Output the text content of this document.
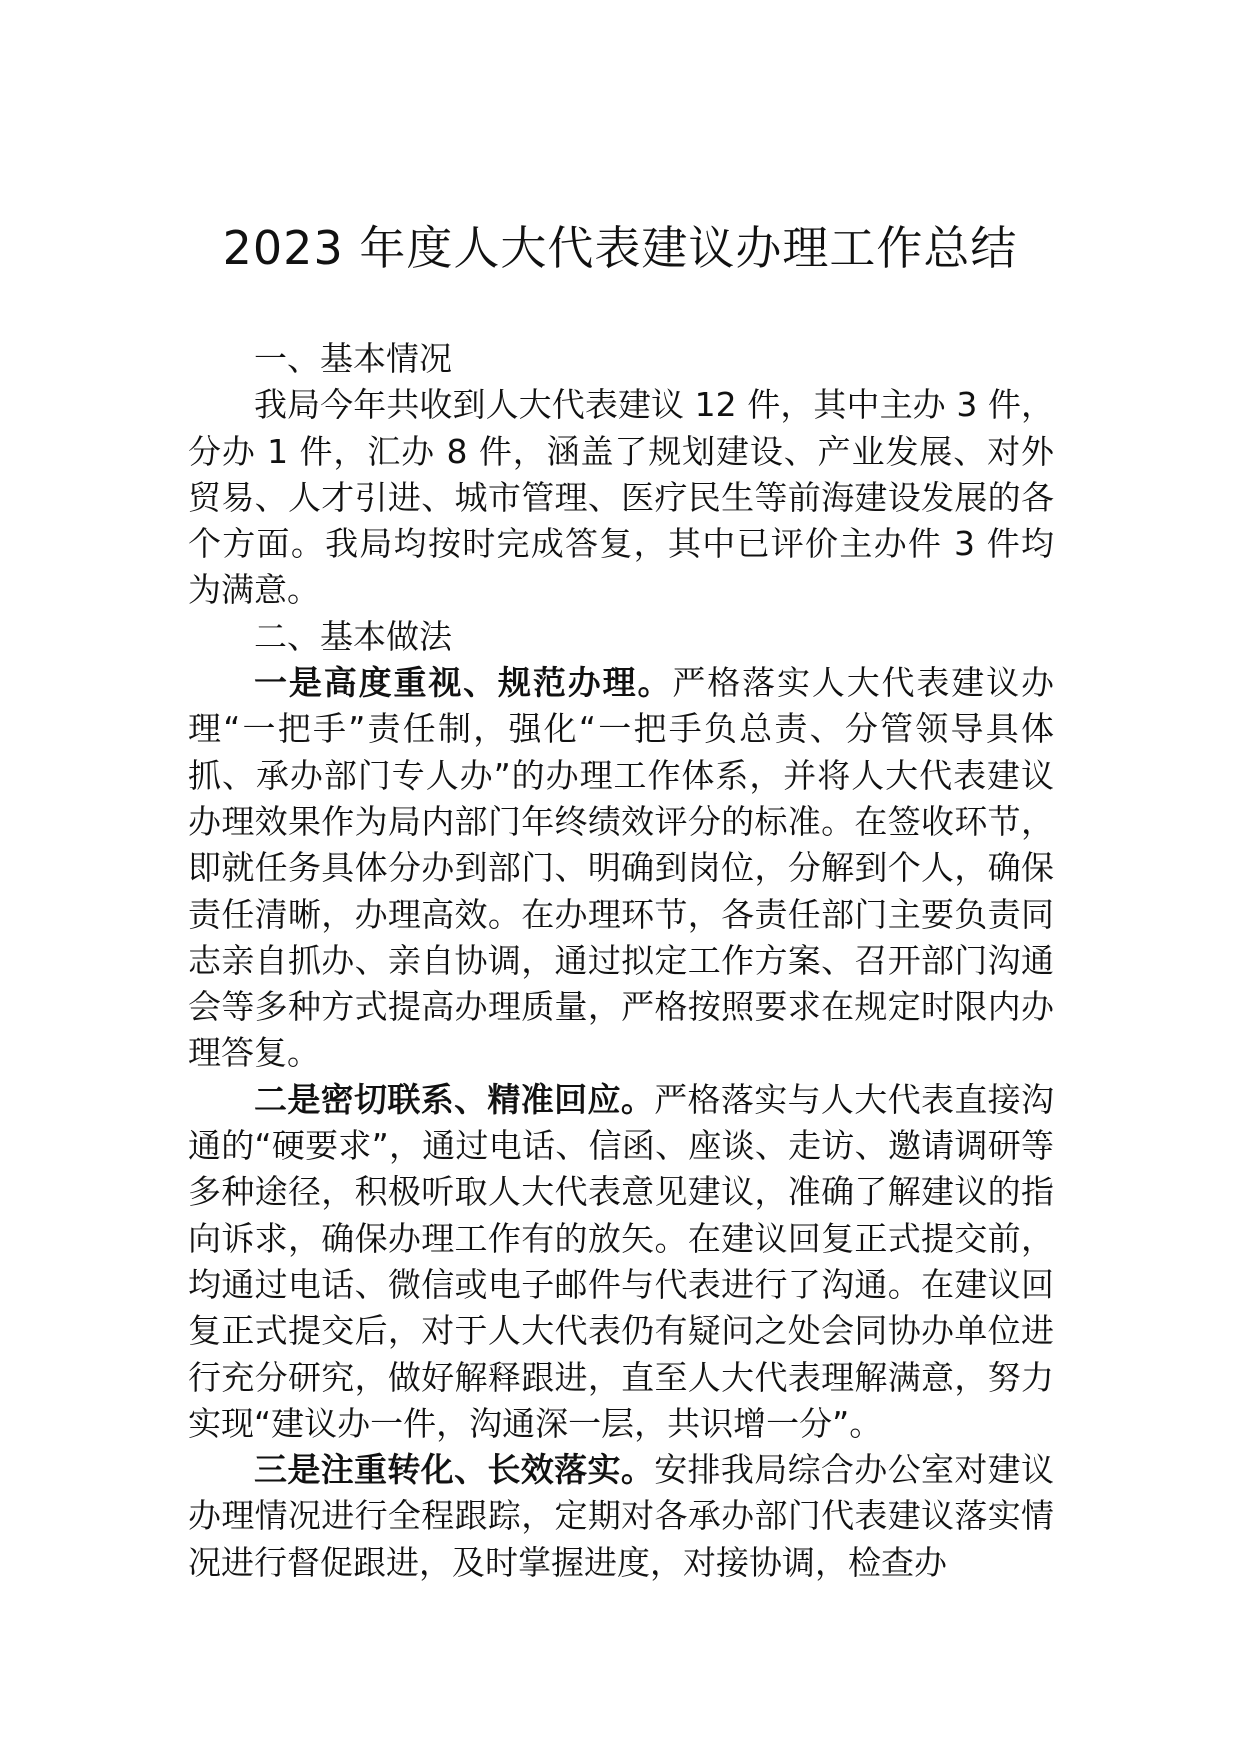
2023 年度人大代表建议办理工作总结

一、基本情况

我局今年共收到人大代表建议 12 件，其中主办 3 件，分办 1 件，汇办 8 件，涵盖了规划建设、产业发展、对外贸易、人才引进、城市管理、医疗民生等前海建设发展的各个方面。我局均按时完成答复，其中已评价主办件 3 件均为满意。

二、基本做法

一是高度重视、规范办理。严格落实人大代表建议办理“一把手”责任制，强化“一把手负总责、分管领导具体抓、承办部门专人办”的办理工作体系，并将人大代表建议办理效果作为局内部门年终绩效评分的标准。在签收环节，即就任务具体分办到部门、明确到岗位，分解到个人，确保责任清晰，办理高效。在办理环节，各责任部门主要负责同志亲自抓办、亲自协调，通过拟定工作方案、召开部门沟通会等多种方式提高办理质量，严格按照要求在规定时限内办理答复。

二是密切联系、精准回应。严格落实与人大代表直接沟通的“硬要求”，通过电话、信函、座谈、走访、邀请调研等多种途径，积极听取人大代表意见建议，准确了解建议的指向诉求，确保办理工作有的放矢。在建议回复正式提交前，均通过电话、微信或电子邮件与代表进行了沟通。在建议回复正式提交后，对于人大代表仍有疑问之处会同协办单位进行充分研究，做好解释跟进，直至人大代表理解满意，努力实现“建议办一件，沟通深一层，共识增一分”。

三是注重转化、长效落实。安排我局综合办公室对建议办理情况进行全程跟踪，定期对各承办部门代表建议落实情况进行督促跟进，及时掌握进度，对接协调，检查办
